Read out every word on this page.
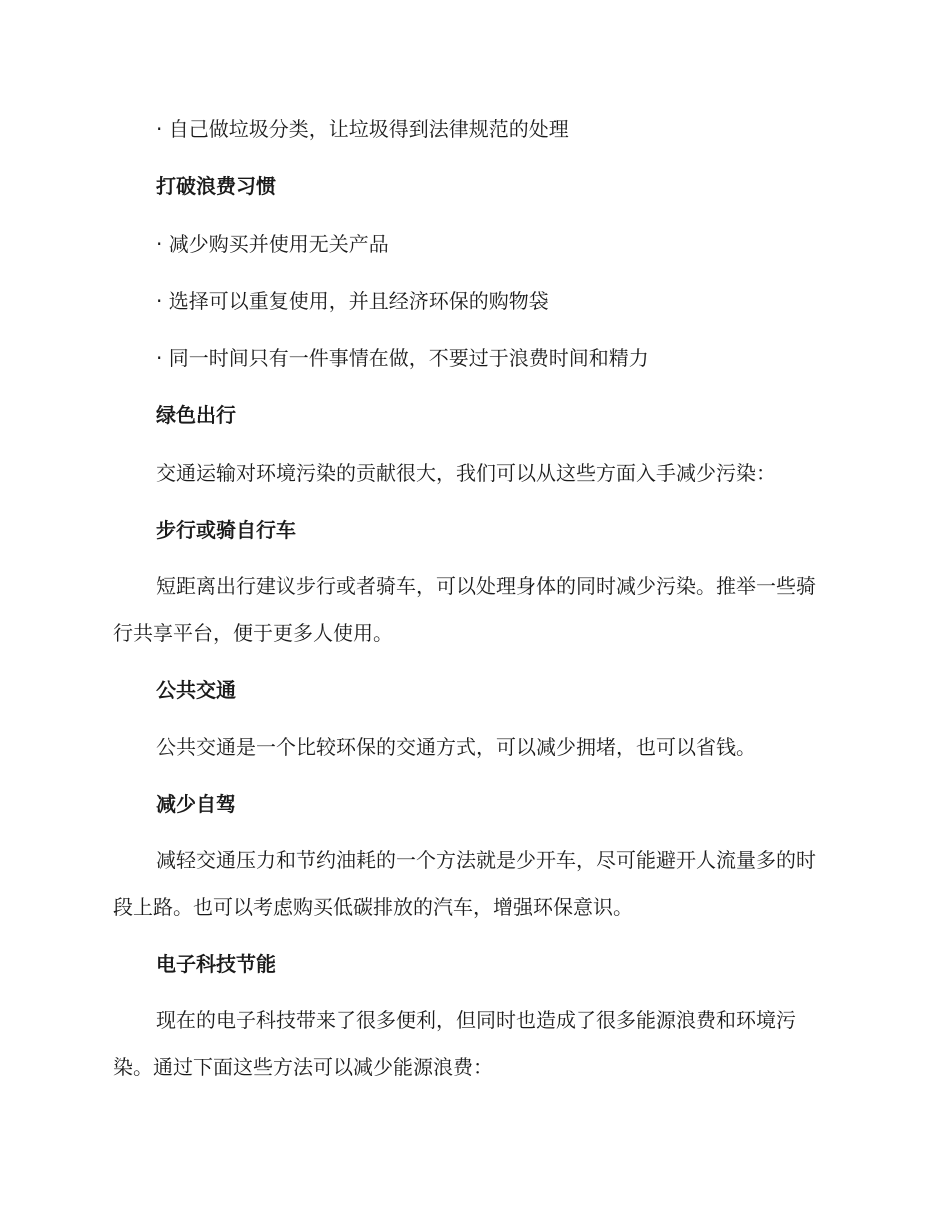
· 自己做垃圾分类，让垃圾得到法律规范的处理
打破浪费习惯
· 减少购买并使用无关产品
· 选择可以重复使用，并且经济环保的购物袋
· 同一时间只有一件事情在做，不要过于浪费时间和精力
绿色出行
交通运输对环境污染的贡献很大，我们可以从这些方面入手减少污染：
步行或骑自行车

短距离出行建议步行或者骑车，可以处理身体的同时减少污染。推举一些骑行共享平台，便于更多人使用。

公共交通
公共交通是一个比较环保的交通方式，可以减少拥堵，也可以省钱。
减少自驾

减轻交通压力和节约油耗的一个方法就是少开车，尽可能避开人流量多的时段上路。也可以考虑购买低碳排放的汽车，增强环保意识。

电子科技节能

现在的电子科技带来了很多便利，但同时也造成了很多能源浪费和环境污染。通过下面这些方法可以减少能源浪费：
